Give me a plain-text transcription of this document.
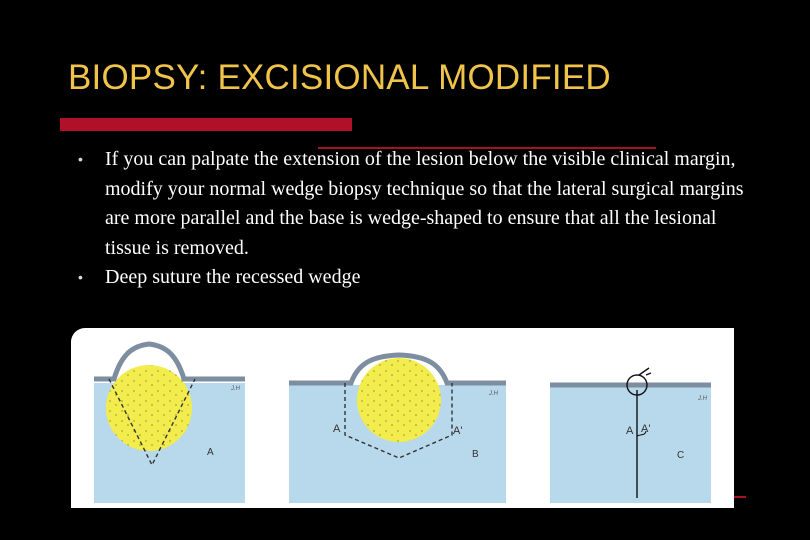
BIOPSY: EXCISIONAL MODIFIED
• If you can palpate the extension of the lesion below the visible clinical margin, modify your normal wedge biopsy technique so that the lateral surgical margins are more parallel and the base is wedge-shaped to ensure that all the lesional tissue is removed.
• Deep suture the recessed wedge
A
J.H
A	A'
B
J.H
A A'
C
J.H
